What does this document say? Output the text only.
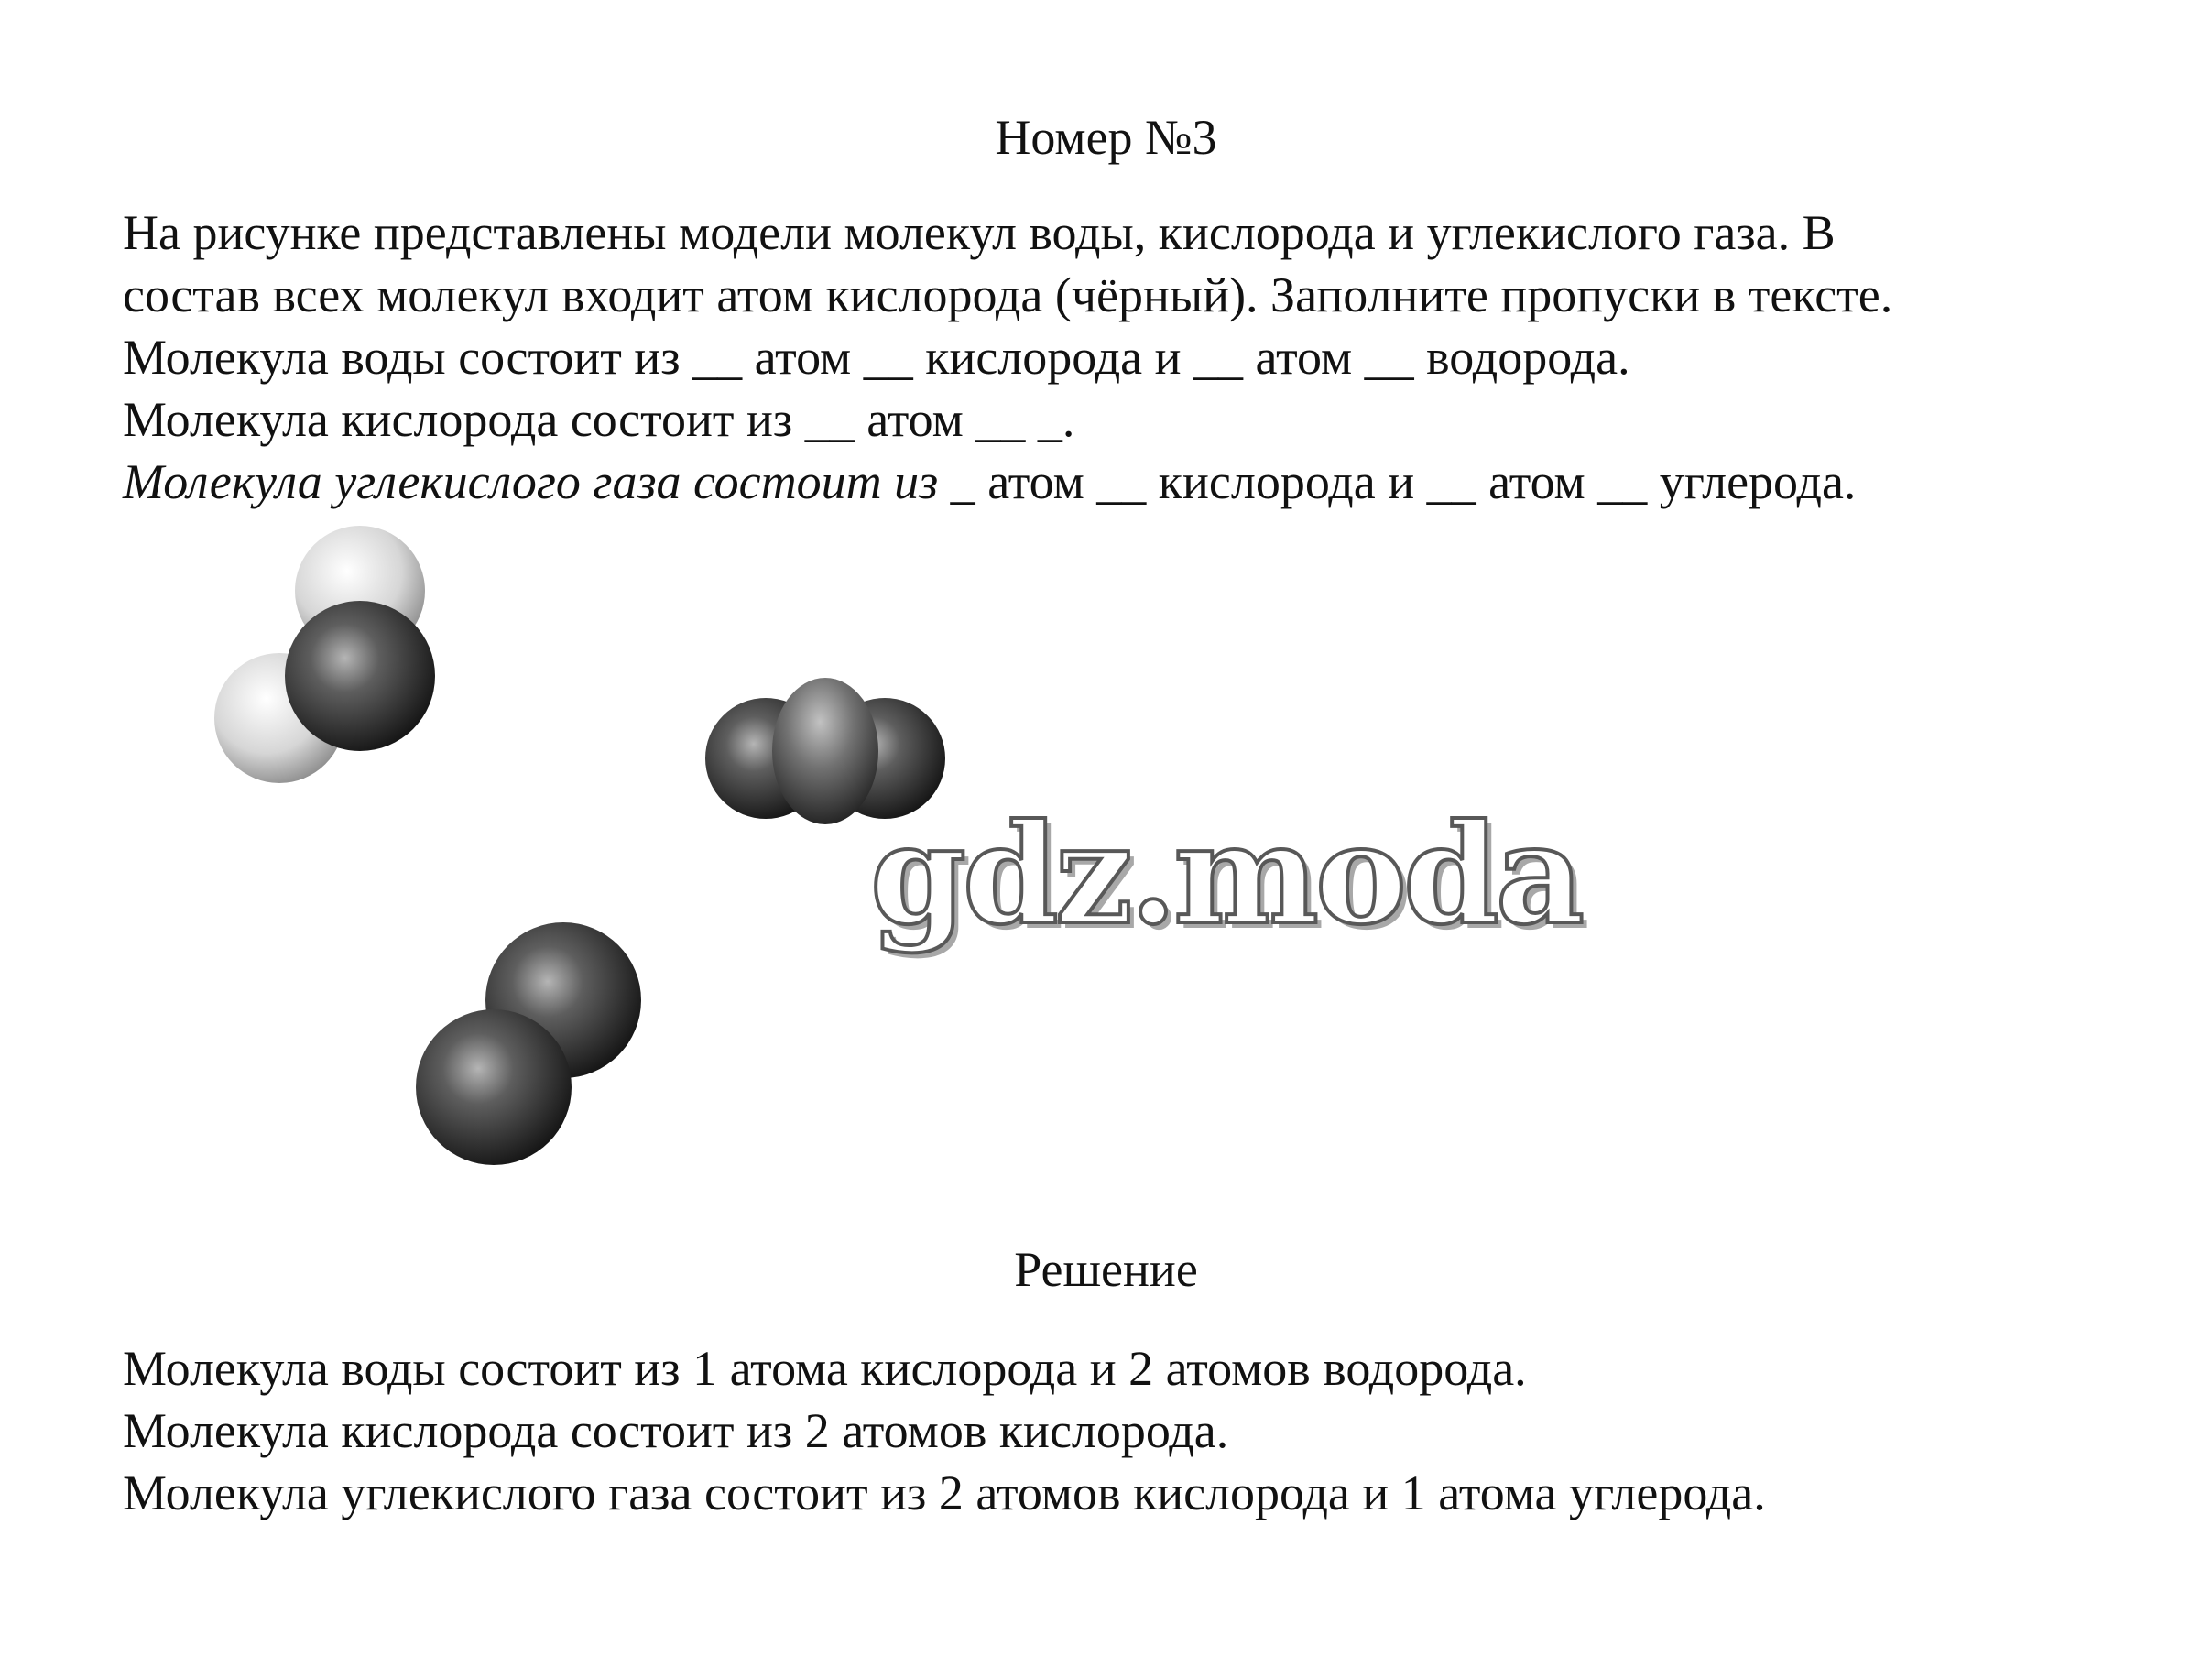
Номер №3

На рисунке представлены модели молекул воды, кислорода и углекислого газа. В

состав всех молекул входит атом кислорода (чёрный). Заполните пропуски в тексте.

Молекула воды состоит из __ атом __ кислорода и __ атом __ водорода.

Молекула кислорода состоит из __ атом __ _.

Молекула углекислого газа состоит из _ атом __ кислорода и __ атом __ углерода.

gdz.moda
Решение

Молекула воды состоит из 1 атома кислорода и 2 атомов водорода.

Молекула кислорода состоит из 2 атомов кислорода.

Молекула углекислого газа состоит из 2 атомов кислорода и 1 атома углерода.
